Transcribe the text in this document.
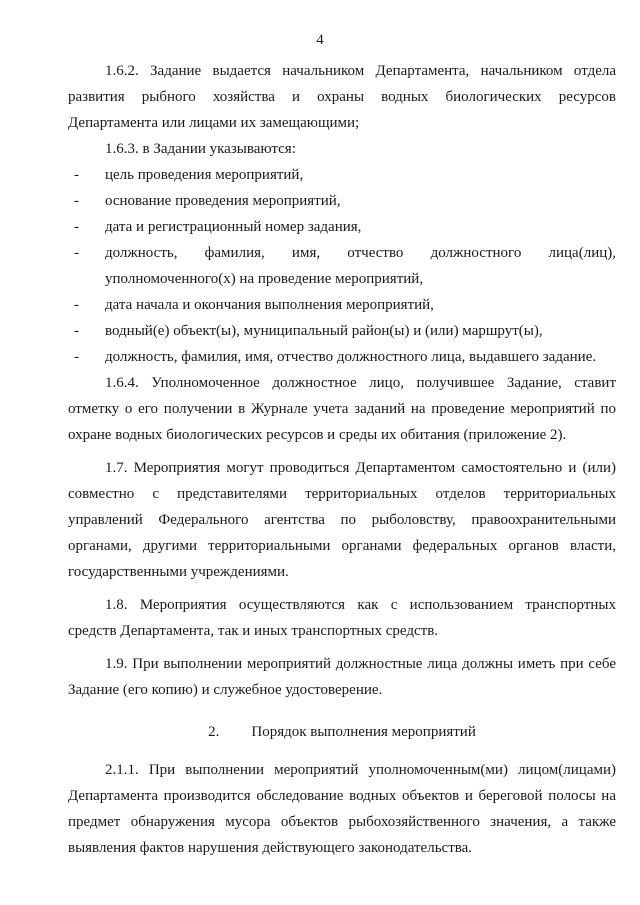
4

1.6.2. Задание выдается начальником Департамента, начальником отдела развития рыбного хозяйства и охраны водных биологических ресурсов Департамента или лицами их замещающими;

1.6.3. в Задании указываются:

- цель проведения мероприятий,
- основание проведения мероприятий,
- дата и регистрационный номер задания,
- должность, фамилия, имя, отчество должностного лица(лиц), уполномоченного(х) на проведение мероприятий,
- дата начала и окончания выполнения мероприятий,
- водный(е) объект(ы), муниципальный район(ы) и (или) маршрут(ы),
- должность, фамилия, имя, отчество должностного лица, выдавшего задание.

1.6.4. Уполномоченное должностное лицо, получившее Задание, ставит отметку о его получении в Журнале учета заданий на проведение мероприятий по охране водных биологических ресурсов и среды их обитания (приложение 2).

1.7. Мероприятия могут проводиться Департаментом самостоятельно и (или) совместно с представителями территориальных отделов территориальных управлений Федерального агентства по рыболовству, правоохранительными органами, другими территориальными органами федеральных органов власти, государственными учреждениями.

1.8. Мероприятия осуществляются как с использованием транспортных средств Департамента, так и иных транспортных средств.

1.9. При выполнении мероприятий должностные лица должны иметь при себе Задание (его копию) и служебное удостоверение.

2. Порядок выполнения мероприятий

2.1.1. При выполнении мероприятий уполномоченным(ми) лицом(лицами) Департамента производится обследование водных объектов и береговой полосы на предмет обнаружения мусора объектов рыбохозяйственного значения, а также выявления фактов нарушения действующего законодательства.
